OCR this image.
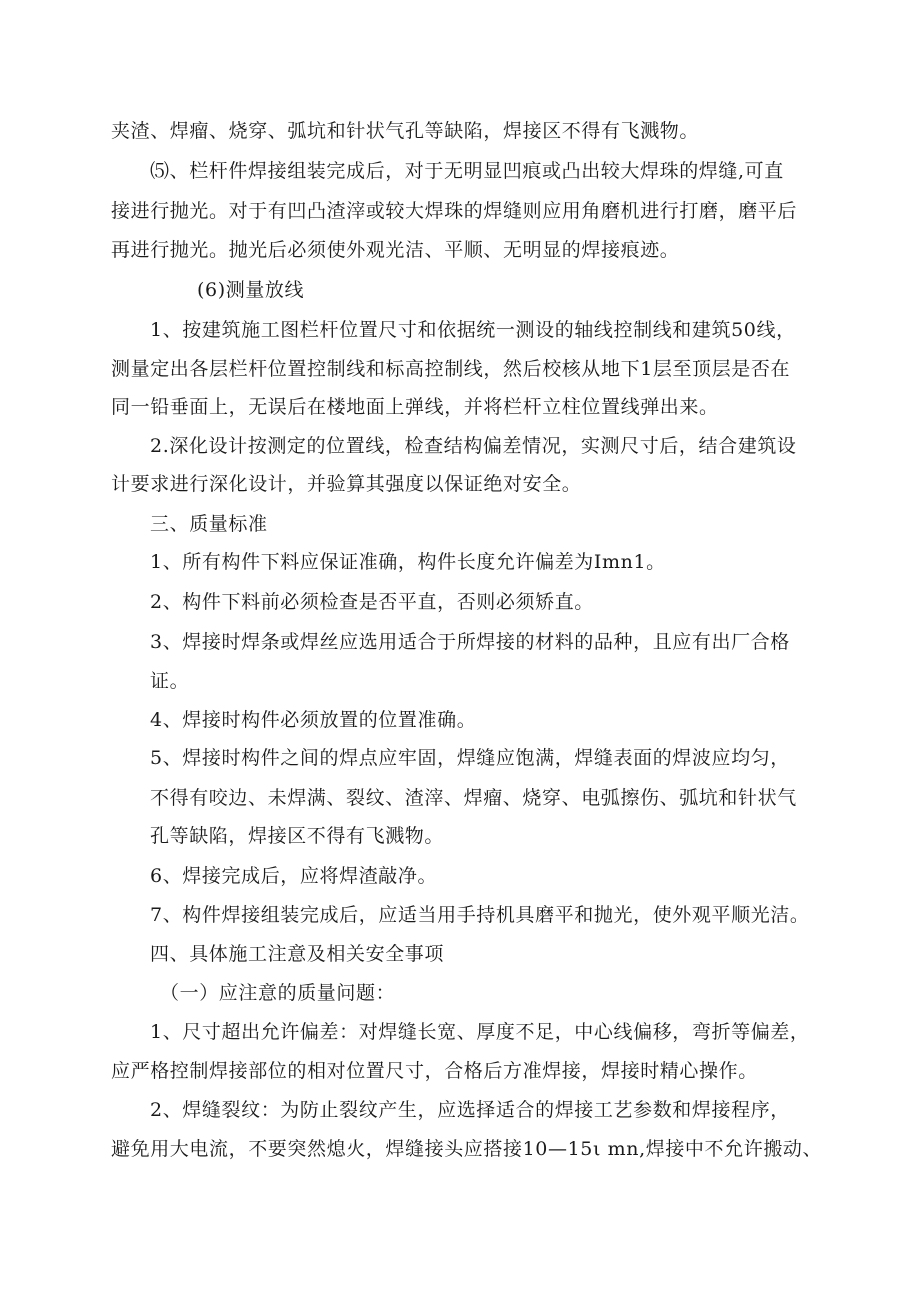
夹渣、焊瘤、烧穿、弧坑和针状气孔等缺陷，焊接区不得有飞溅物。
⑸、栏杆件焊接组装完成后，对于无明显凹痕或凸出较大焊珠的焊缝,可直
接进行抛光。对于有凹凸渣滓或较大焊珠的焊缝则应用角磨机进行打磨，磨平后
再进行抛光。抛光后必须使外观光洁、平顺、无明显的焊接痕迹。
(6)测量放线
1、按建筑施工图栏杆位置尺寸和依据统一测设的轴线控制线和建筑50线，
测量定出各层栏杆位置控制线和标高控制线，然后校核从地下1层至顶层是否在
同一铅垂面上，无误后在楼地面上弹线，并将栏杆立柱位置线弹出来。
2.深化设计按测定的位置线，检查结构偏差情况，实测尺寸后，结合建筑设
计要求进行深化设计，并验算其强度以保证绝对安全。
三、质量标准
1、所有构件下料应保证准确，构件长度允许偏差为Imn1。
2、构件下料前必须检查是否平直，否则必须矫直。
3、焊接时焊条或焊丝应选用适合于所焊接的材料的品种，且应有出厂合格
证。
4、焊接时构件必须放置的位置准确。
5、焊接时构件之间的焊点应牢固，焊缝应饱满，焊缝表面的焊波应均匀，
不得有咬边、未焊满、裂纹、渣滓、焊瘤、烧穿、电弧擦伤、弧坑和针状气
孔等缺陷，焊接区不得有飞溅物。
6、焊接完成后，应将焊渣敲净。
7、构件焊接组装完成后，应适当用手持机具磨平和抛光，使外观平顺光洁。
四、具体施工注意及相关安全事项
（一）应注意的质量问题：
1、尺寸超出允许偏差：对焊缝长宽、厚度不足，中心线偏移，弯折等偏差，
应严格控制焊接部位的相对位置尺寸，合格后方准焊接，焊接时精心操作。
2、焊缝裂纹：为防止裂纹产生，应选择适合的焊接工艺参数和焊接程序，
避免用大电流，不要突然熄火，焊缝接头应搭接10—15ι mn,焊接中不允许搬动、
